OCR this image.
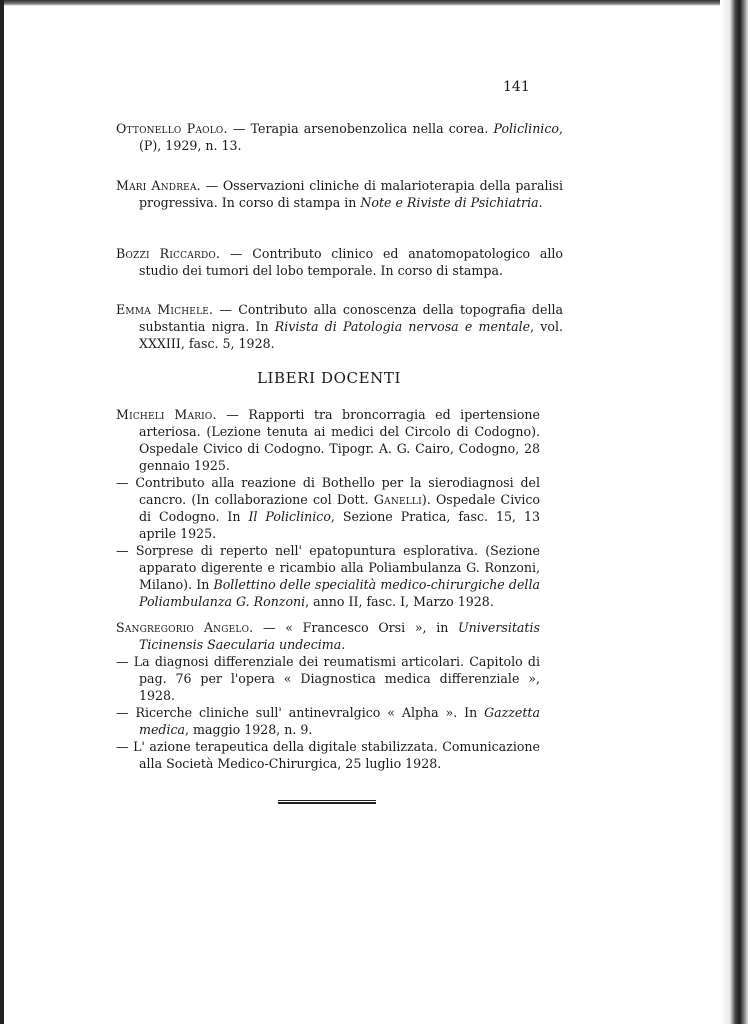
141

Ottonello Paolo. — Terapia arsenobenzolica nella corea. Policlinico, (P), 1929, n. 13.

Mari Andrea. — Osservazioni cliniche di malarioterapia della paralisi progressiva. In corso di stampa in Note e Riviste di Psichiatria.

Bozzi Riccardo. — Contributo clinico ed anatomopatologico allo studio dei tumori del lobo temporale. In corso di stampa.

Emma Michele. — Contributo alla conoscenza della topografia della substantia nigra. In Rivista di Patologia nervosa e mentale, vol. XXXIII, fasc. 5, 1928.

LIBERI DOCENTI

Micheli Mario. — Rapporti tra broncorragia ed ipertensione arteriosa. (Lezione tenuta ai medici del Circolo di Codogno). Ospedale Civico di Codogno. Tipogr. A. G. Cairo, Codogno, 28 gennaio 1925.

— Contributo alla reazione di Bothello per la sierodiagnosi del cancro. (In collaborazione col Dott. Ganelli). Ospedale Civico di Codogno. In Il Policlinico, Sezione Pratica, fasc. 15, 13 aprile 1925.

— Sorprese di reperto nell' epatopuntura esplorativa. (Sezione apparato digerente e ricambio alla Poliambulanza G. Ronzoni, Milano). In Bollettino delle specialità medico-chirurgiche della Poliambulanza G. Ronzoni, anno II, fasc. I, Marzo 1928.

Sangregorio Angelo. — « Francesco Orsi », in Universitatis Ticinensis Saecularia undecima.

— La diagnosi differenziale dei reumatismi articolari. Capitolo di pag. 76 per l'opera « Diagnostica medica differenziale », 1928.

— Ricerche cliniche sull' antinevralgico « Alpha ». In Gazzetta medica, maggio 1928, n. 9.

— L' azione terapeutica della digitale stabilizzata. Comunicazione alla Società Medico-Chirurgica, 25 luglio 1928.
